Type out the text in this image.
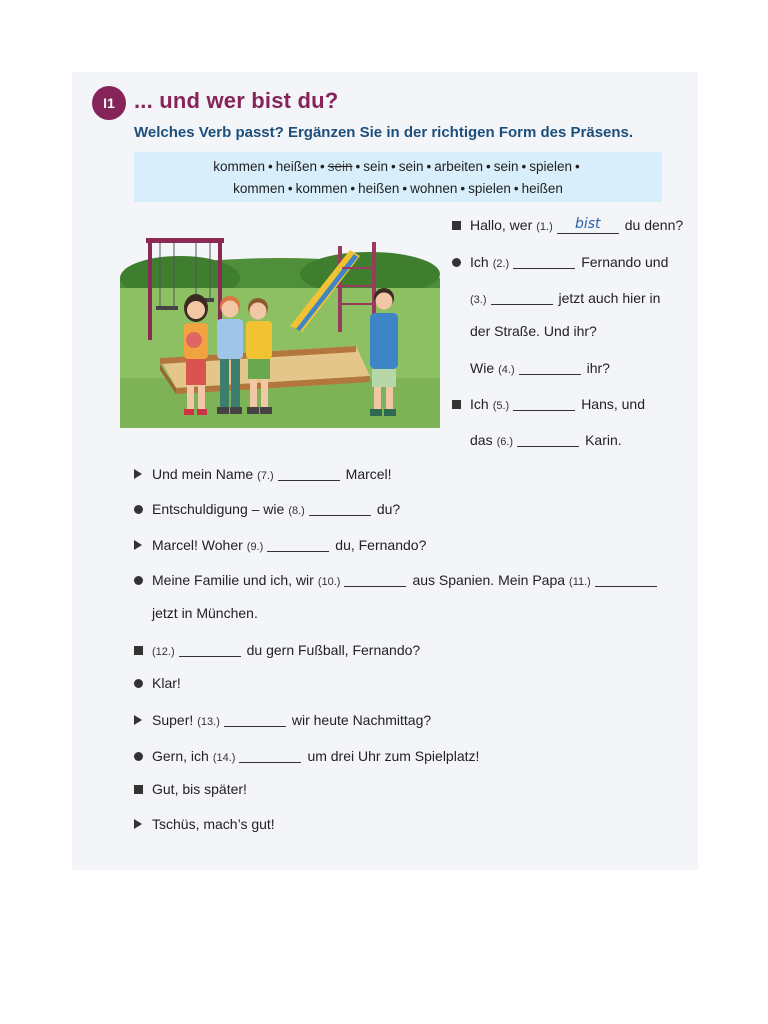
I1 ... und wer bist du?
Welches Verb passt? Ergänzen Sie in der richtigen Form des Präsens.
kommen • heißen • sein • sein • sein • arbeiten • sein • spielen •
kommen • kommen • heißen • wohnen • spielen • heißen
Hallo, wer (1.)	bist	du denn?
Ich (2.)	Fernando und
(3.)	jetzt auch hier in
der Straße. Und ihr?
Wie (4.)	ihr?
Ich (5.)	Hans, und
das (6.)	Karin.
Und mein Name (7.)	Marcel!
Entschuldigung – wie (8.)	du?
Marcel! Woher (9.)	du, Fernando?
Meine Familie und ich, wir (10.)	aus Spanien. Mein Papa (11.)
jetzt in München.
(12.)	du gern Fußball, Fernando?
Klar!
Super! (13.)	wir heute Nachmittag?
Gern, ich (14.)	um drei Uhr zum Spielplatz!
Gut, bis später!
Tschüs, mach’s gut!
